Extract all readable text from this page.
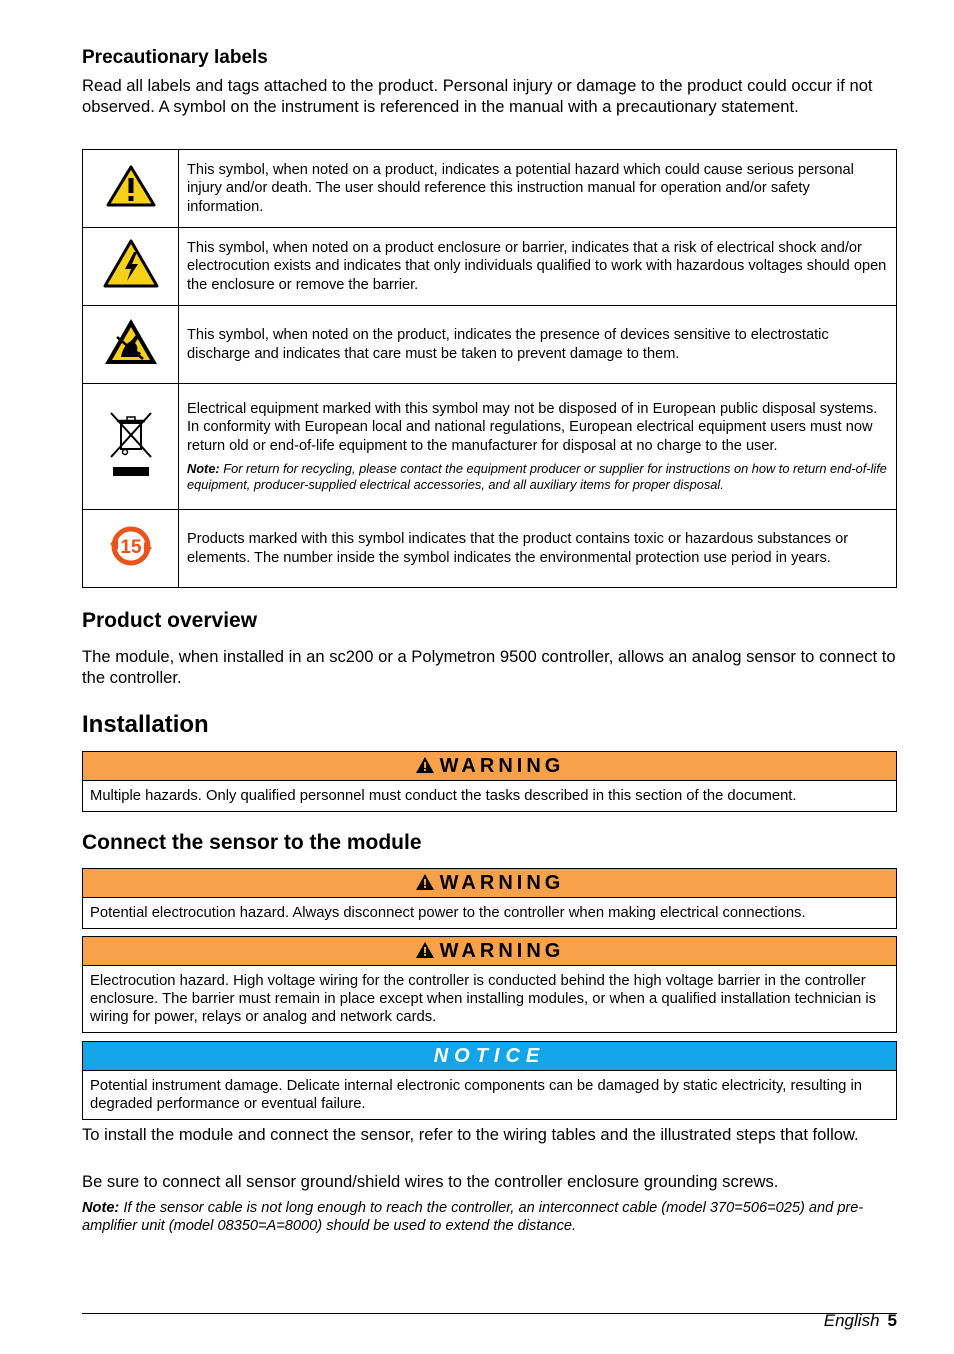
Precautionary labels

Read all labels and tags attached to the product. Personal injury or damage to the product could occur if not observed. A symbol on the instrument is referenced in the manual with a precautionary statement.

	This symbol, when noted on a product, indicates a potential hazard which could cause serious personal injury and/or death. The user should reference this instruction manual for operation and/or safety information.
	This symbol, when noted on a product enclosure or barrier, indicates that a risk of electrical shock and/or electrocution exists and indicates that only individuals qualified to work with hazardous voltages should open the enclosure or remove the barrier.
	This symbol, when noted on the product, indicates the presence of devices sensitive to electrostatic discharge and indicates that care must be taken to prevent damage to them.

Electrical equipment marked with this symbol may not be disposed of in European public disposal systems. In conformity with European local and national regulations, European electrical equipment users must now return old or end-of-life equipment to the manufacturer for disposal at no charge to the user.
Note: For return for recycling, please contact the equipment producer or supplier for instructions on how to return end-of-life equipment, producer-supplied electrical accessories, and all auxiliary items for proper disposal.

15	Products marked with this symbol indicates that the product contains toxic or hazardous substances or elements. The number inside the symbol indicates the environmental protection use period in years.
Product overview

The module, when installed in an sc200 or a Polymetron 9500 controller, allows an analog sensor to connect to the controller.

Installation
WARNING
Multiple hazards. Only qualified personnel must conduct the tasks described in this section of the document.
Connect the sensor to the module
WARNING
Potential electrocution hazard. Always disconnect power to the controller when making electrical connections.
WARNING
Electrocution hazard. High voltage wiring for the controller is conducted behind the high voltage barrier in the controller enclosure. The barrier must remain in place except when installing modules, or when a qualified installation technician is wiring for power, relays or analog and network cards.
NOTICE
Potential instrument damage. Delicate internal electronic components can be damaged by static electricity, resulting in degraded performance or eventual failure.

To install the module and connect the sensor, refer to the wiring tables and the illustrated steps that follow.

Be sure to connect all sensor ground/shield wires to the controller enclosure grounding screws.

Note: If the sensor cable is not long enough to reach the controller, an interconnect cable (model 370=506=025) and pre-amplifier unit (model 08350=A=8000) should be used to extend the distance.
English 5
